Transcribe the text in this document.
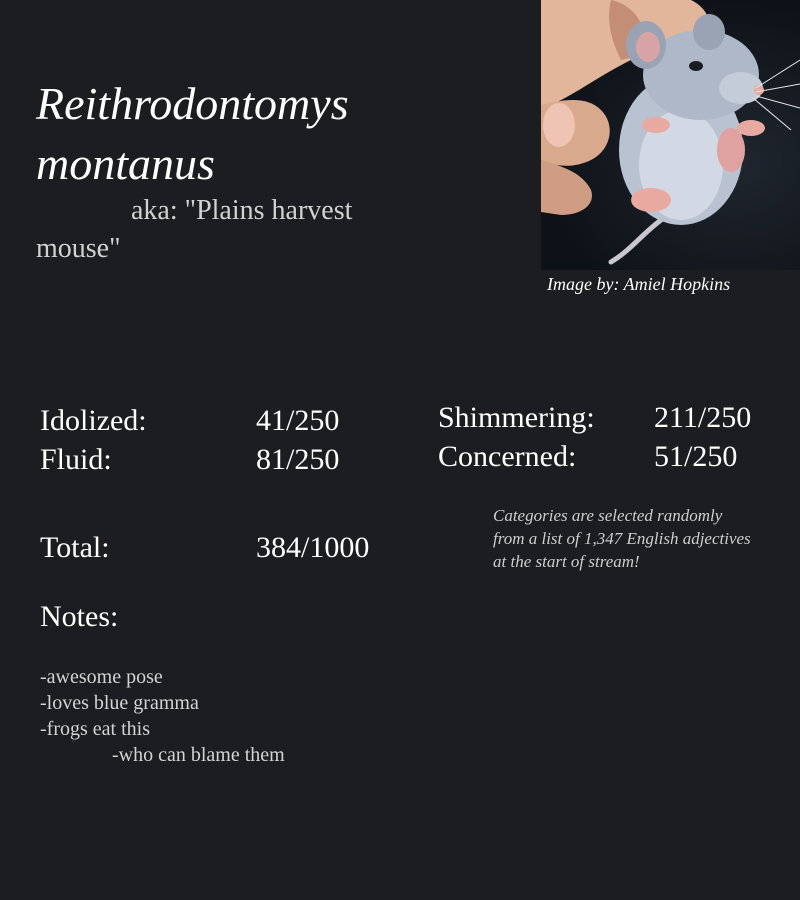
Reithrodontomys montanus
aka: "Plains harvest mouse"
Image by: Amiel Hopkins
Idolized:	41/250
Fluid:	81/250
Shimmering: 211/250
Concerned:	51/250
Total:	384/1000
Categories are selected randomly from a list of 1,347 English adjectives at the start of stream!
Notes:
-awesome pose
-loves blue gramma
-frogs eat this
-who can blame them
